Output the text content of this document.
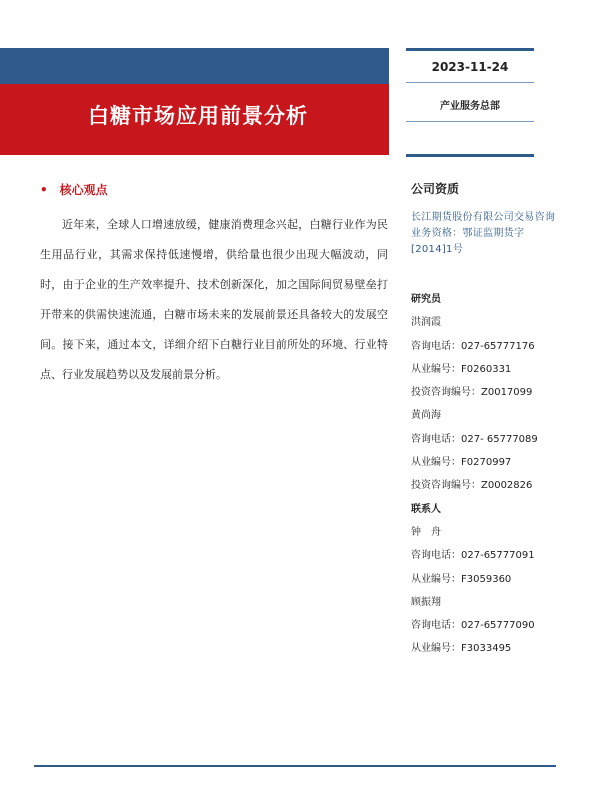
白糖市场应用前景分析
2023-11-24
产业服务总部
• 核心观点
近年来，全球人口增速放缓，健康消费理念兴起，白糖行业作为民生用品行业，其需求保持低速慢增，供给量也很少出现大幅波动，同时，由于企业的生产效率提升、技术创新深化，加之国际间贸易壁垒打开带来的供需快速流通，白糖市场未来的发展前景还具备较大的发展空间。接下来，通过本文，详细介绍下白糖行业目前所处的环境、行业特点、行业发展趋势以及发展前景分析。
公司资质
长江期货股份有限公司交易咨询业务资格：鄂证监期货字[2014]1号
研究员
洪润霞
咨询电话：027-65777176
从业编号：F0260331
投资咨询编号：Z0017099
黄尚海
咨询电话：027- 65777089
从业编号：F0270997
投资咨询编号：Z0002826
联系人
钟　舟
咨询电话：027-65777091
从业编号：F3059360
顾振翔
咨询电话：027-65777090
从业编号：F3033495
